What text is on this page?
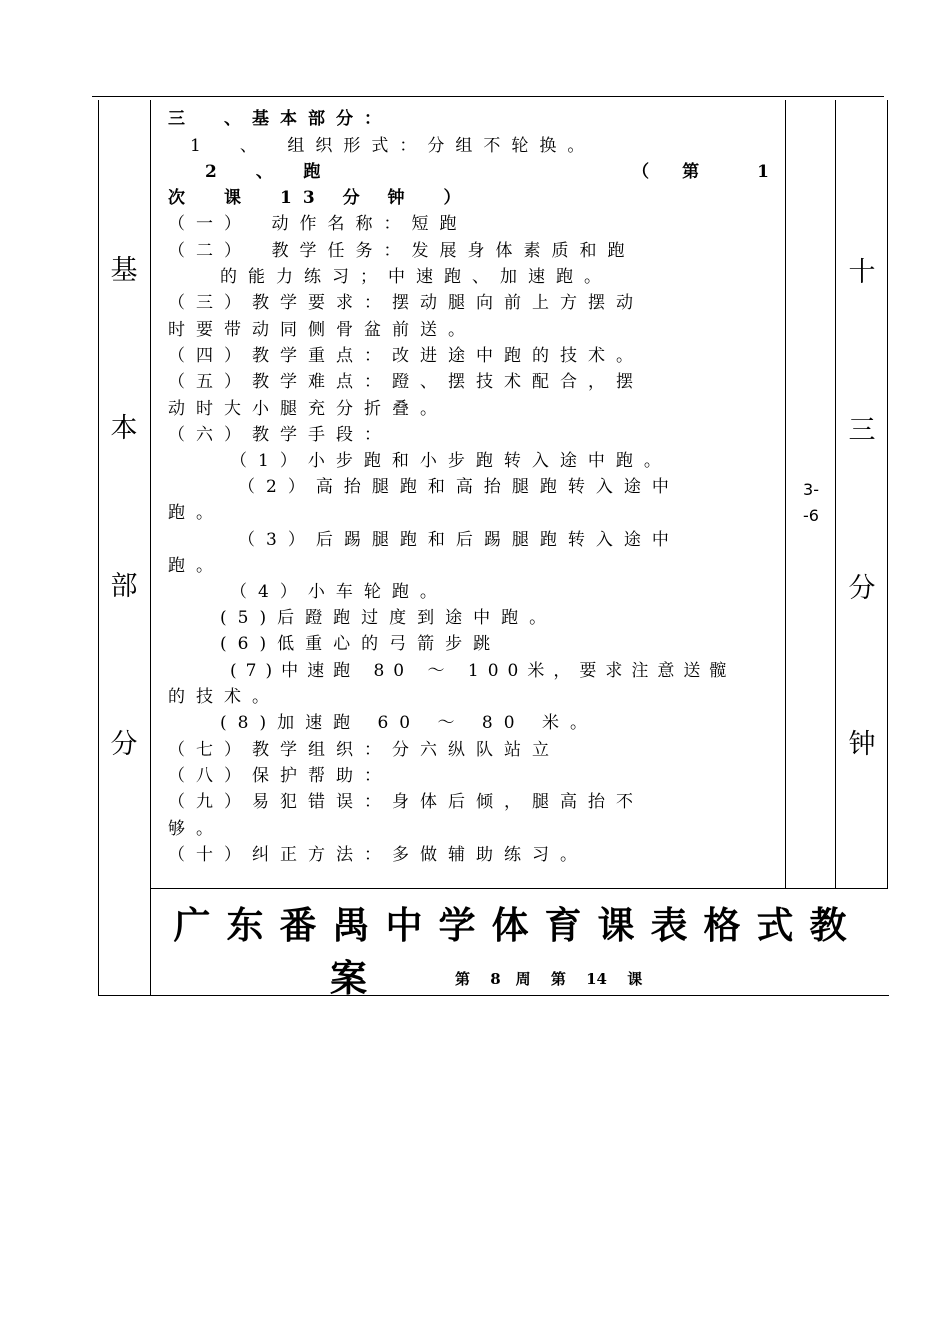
基
本
部
分
十
三
分
钟
3-
-6
三　、基本部分：
1　、　组织形式：分组不轮换。
2　、　跑	（　第　　1
次　课　13 分 钟　）
（一）　动作名称：短跑
（二）　教学任务：发展身体素质和跑
的能力练习；中速跑、加速跑。
（三）教学要求：摆动腿向前上方摆动
时要带动同侧骨盆前送。
（四）教学重点：改进途中跑的技术。
（五）教学难点：蹬、摆技术配合，摆
动时大小腿充分折叠。
（六）教学手段：
（1）小步跑和小步跑转入途中跑。
（2）高抬腿跑和高抬腿跑转入途中
跑。
（3）后踢腿跑和后踢腿跑转入途中
跑。
（4）小车轮跑。
(5)后蹬跑过度到途中跑。
(6)低重心的弓箭步跳
(7)中速跑 80 ～ 100米，要求注意送髋
的技术。
(8)加速跑 60 ～ 80 米。
（七）教学组织：分六纵队站立
（八）保护帮助：
（九）易犯错误：身体后倾，腿高抬不
够。
（十）纠正方法：多做辅助练习。
广东番禺中学体育课表格式教
案	第　 8　周　 第　 14　 课
